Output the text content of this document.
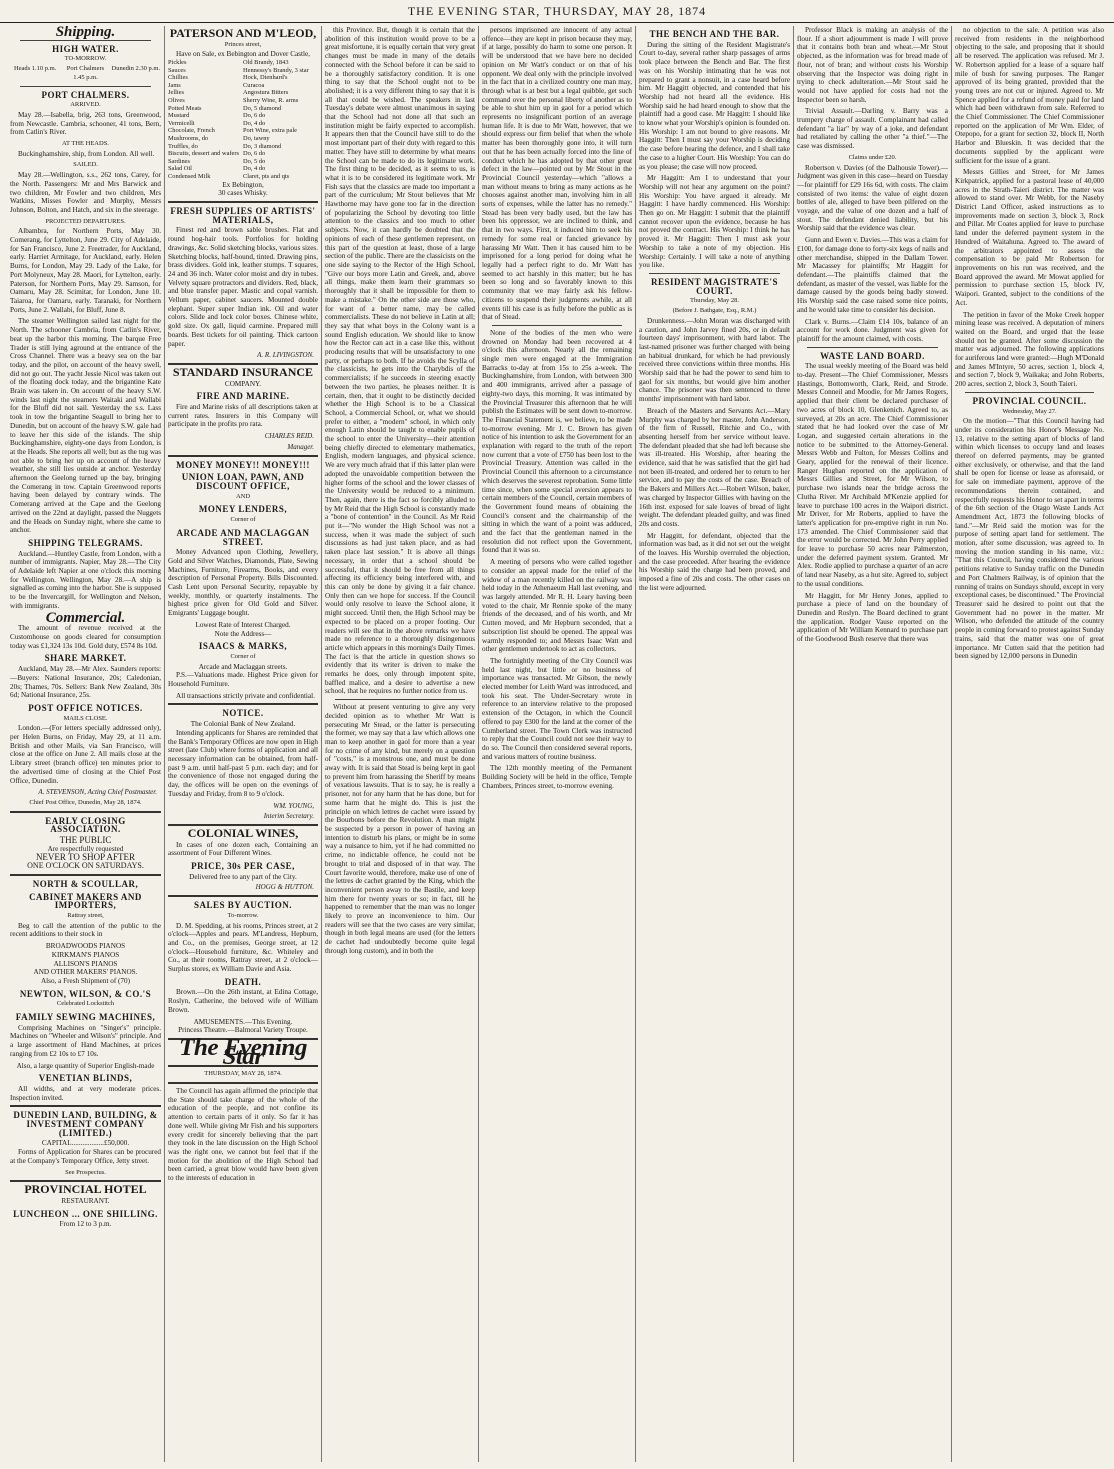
THE EVENING STAR, THURSDAY, MAY 28, 1874
Shipping.
HIGH WATER.
TO-MORROW.
Heads 1.10 p.m.	Port Chalmers 1.45 p.m.
Dunedin 2.30 p.m.
PORT CHALMERS.
ARRIVED.

May 28.—Isabella, brig, 263 tons, Greenwood, from Newcastle. Cambria, schooner, 41 tons, Bern, from Catlin's River.

AT THE HEADS.

Buckinghamshire, ship, from London. All well.

SAILED.

May 28.—Wellington, s.s., 262 tons, Carey, for the North. Passengers: Mr and Mrs Barwick and two children, Mr Fowler and two children, Mrs Watkins, Misses Fowler and Murphy, Messrs Johnson, Bolton, and Hatch, and six in the steerage.

PROJECTED DEPARTURES.

Albambra, for Northern Ports, May 30. Comerang, for Lyttelton, June 29. City of Adelaide, for San Francisco, June 2. Freetrader, for Auckland, early. Harriet Armitage, for Auckland, early. Helen Burns, for London, May 29. Lady of the Lake, for Port Molyneux, May 28. Maori, for Lyttelton, early. Paterson, for Northern Ports, May 29. Samson, for Oamaru, May 28. Scimitar, for London, June 10. Taiaroa, for Oamaru, early. Taranaki, for Northern Ports, June 2. Wallabi, for Bluff, June 8.

The steamer Wellington sailed last night for the North. The schooner Cambria, from Catlin's River, beat up the harbor this morning. The barque Free Trader is still lying aground at the entrance of the Cross Channel. There was a heavy sea on the bar today, and the pilot, on account of the heavy swell, did not go out. The yacht Jessie Nicol was taken out of the floating dock today, and the brigantine Kate Brain was taken in. On account of the heavy S.W. winds last night the steamers Waitaki and Wallabi for the Bluff did not sail. Yesterday the s.s. Lass took in tow the brigantine Seagull to bring her to Dunedin, but on account of the heavy S.W. gale had to leave her this side of the islands. The ship Buckinghamshire, eighty-one days from London, is at the Heads. She reports all well; but as the tug was not able to bring her up on account of the heavy weather, she still lies outside at anchor. Yesterday afternoon the Geelong turned up the bay, bringing the Comerang in tow. Captain Greenwood reports having been delayed by contrary winds. The Comerang arrived at the Cape and the Geelong arrived on the 22nd at daylight, passed the Nuggets and the Heads on Sunday night, where she came to anchor.

SHIPPING TELEGRAMS.

Auckland.—Huntley Castle, from London, with a number of immigrants. Napier, May 28.—The City of Adelaide left Napier at one o'clock this morning for Wellington. Wellington, May 28.—A ship is signalled as coming into the harbor. She is supposed to be the Invercargill, for Wellington and Nelson, with immigrants.

Commercial.

The amount of revenue received at the Customhouse on goods cleared for consumption today was £1,324 13s 10d. Gold duty, £574 8s 10d.

SHARE MARKET.

Auckland, May 28.—Mr Alex. Saunders reports:—Buyers: National Insurance, 20s; Caledonian, 20s; Thames, 70s. Sellers: Bank New Zealand, 30s 6d; National Insurance, 25s.

POST OFFICE NOTICES.
MAILS CLOSE.

London.—(For letters specially addressed only), per Helen Burns, on Friday, May 29, at 11 a.m. British and other Mails, via San Francisco, will close at the office on June 2. All mails close at the Library street (branch office) ten minutes prior to the advertised time of closing at the Chief Post Office, Dunedin.

A. STEVENSON, Acting Chief Postmaster.
Chief Post Office, Dunedin, May 28, 1874.
EARLY CLOSING ASSOCIATION.
THE PUBLIC
Are respectfully requested
NEVER TO SHOP AFTER
ONE O'CLOCK ON SATURDAYS.
NORTH & SCOULLAR,
CABINET MAKERS AND IMPORTERS,
Rattray street,

Beg to call the attention of the public to the recent additions to their stock in

BROADWOODS PIANOS
KIRKMAN'S PIANOS
ALLISON'S PIANOS
AND OTHER MAKERS' PIANOS.
Also, a Fresh Shipment of (70)
NEWTON, WILSON, & CO.'S
Celebrated Lockstitch
FAMILY SEWING MACHINES,

Comprising Machines on "Singer's" principle. Machines on "Wheeler and Wilson's" principle. And a large assortment of Hand Machines, at prices ranging from £2 10s to £7 10s.

Also, a large quantity of Superior English-made
VENETIAN BLINDS,

All widths, and at very moderate prices. Inspection invited.

DUNEDIN LAND, BUILDING, & INVESTMENT COMPANY (LIMITED.)
CAPITAL..................£50,000.

Forms of Application for Shares can be procured at the Company's Temporary Office, Jetty street.

See Prospectus.
PROVINCIAL HOTEL
RESTAURANT.
LUNCHEON ... ONE SHILLING.
From 12 to 3 p.m.
PATERSON AND M'LEOD,
Princes street,
Have on Sale, ex Bebington and Dover Castle,
Pickles	Old Brandy, 1843
Sauces	Hennessy's Brandy, 3 star
Chillies	Hock, Dienhard's
Jams	Curacoa
Jellies	Angostura Bitters
Olives	Sherry Wine, R. arms
Potted Meats	Do, 5 diamond
Mustard	Do, 6 do
Vermicelli	Do, 4 do
Chocolate, French	Port Wine, extra pale
Mushrooms, do	Do, tawny
Truffles, do	Do, 3 diamond
Biscuits, dessert and wafers Do, 6 do
Sardines	Do, 5 do
Salad Oil	Do, 4 do
Condensed Milk	Claret, pts and qts
Ex Bebington,
30 cases Whisky.
FRESH SUPPLIES OF ARTISTS' MATERIALS,

Finest red and brown sable brushes. Flat and round hog-hair tools. Portfolios for holding drawings, &c. Solid sketching blocks, various sizes. Sketching blocks, half-bound, tinted. Drawing pins, brass dividers. Gold ink, leather stumps. T squares, 24 and 36 inch. Water color moist and dry in tubes. Velvety square protractors and dividers. Red, black, and blue transfer paper. Mastic and copal varnish. Vellum paper, cabinet saucers. Mounted double elephant. Super super Indian ink. Oil and water colors. Slide and lock color boxes. Chinese white, gold size. Ox gall, liquid carmine. Prepared mill boards. Best tickets for oil painting. Thick cartoon paper.

A. R. LIVINGSTON.
STANDARD INSURANCE
COMPANY.
FIRE AND MARINE.

Fire and Marine risks of all descriptions taken at current rates. Insurers in this Company will participate in the profits pro rata.

CHARLES REID.
Manager.
MONEY MONEY!! MONEY!!!
UNION LOAN, PAWN, AND DISCOUNT OFFICE,
AND
MONEY LENDERS,
Corner of
ARCADE AND MACLAGGAN STREET.

Money Advanced upon Clothing, Jewellery, Gold and Silver Watches, Diamonds, Plate, Sewing Machines, Furniture, Firearms, Books, and every description of Personal Property. Bills Discounted. Cash Lent upon Personal Security, repayable by weekly, monthly, or quarterly instalments. The highest price given for Old Gold and Silver. Emigrants' Luggage bought.

Lowest Rate of Interest Charged.
Note the Address—
ISAACS & MARKS,
Corner of
Arcade and Maclaggan streets.

P.S.—Valuations made. Highest Price given for Household Furniture.

All transactions strictly private and confidential.

NOTICE.
The Colonial Bank of New Zealand.

Intending applicants for Shares are reminded that the Bank's Temporary Offices are now open in High street (late Club) where forms of application and all necessary information can be obtained, from half-past 9 a.m. until half-past 5 p.m. each day; and for the convenience of those not engaged during the day, the offices will be open on the evenings of Tuesday and Friday, from 8 to 9 o'clock.

WM. YOUNG,
Interim Secretary.
COLONIAL WINES,

In cases of one dozen each, Containing an assortment of Four Different Wines.

PRICE, 30s PER CASE,
Delivered free to any part of the City.
HOGG & HUTTON.
SALES BY AUCTION.
To-morrow.

D. M. Spedding, at his rooms, Princes street, at 2 o'clock—Apples and pears. M'Landress, Hepburn, and Co., on the premises, George street, at 12 o'clock—Household furniture, &c. Whiteley and Co., at their rooms, Rattray street, at 2 o'clock—Surplus stores, ex William Davie and Asia.

DEATH.

Brown.—On the 26th instant, at Edina Cottage, Roslyn, Catherine, the beloved wife of William Brown.

AMUSEMENTS.—This Evening.
Princess Theatre.—Balmoral Variety Troupe.
The Evening Star
THURSDAY, MAY 28, 1874.

The Council has again affirmed the principle that the State should take charge of the whole of the education of the people, and not confine its attention to certain parts of it only. So far it has done well. While giving Mr Fish and his supporters every credit for sincerely believing that the part they took in the late discussion on the High School was the right one, we cannot but feel that if the motion for the abolition of the High School had been carried, a great blow would have been given to the interests of education in

this Province. But, though it is certain that the abolition of this institution would prove to be a great misfortune, it is equally certain that very great changes must be made in many of the details connected with the School before it can be said to be a thoroughly satisfactory condition. It is one thing to say that the School ought not to be abolished; it is a very different thing to say that it is all that could be wished. The speakers in last Tuesday's debate were almost unanimous in saying that the School had not done all that such an institution might be fairly expected to accomplish. It appears then that the Council have still to do the most important part of their duty with regard to this matter. They have still to determine by what means the School can be made to do its legitimate work. The first thing to be decided, as it seems to us, is what it is to be considered its legitimate work. Mr Fish says that the classics are made too important a part of the curriculum; Mr Stout believes that Mr Hawthorne may have gone too far in the direction of popularizing the School by devoting too little attention to the classics and too much to other subjects. Now, it can hardly be doubted that the opinions of each of these gentlemen represent, on this part of the question at least, those of a large section of the public. There are the classicists on the one side saying to the Rector of the High School, "Give our boys more Latin and Greek, and, above all things, make them learn their grammars so thoroughly that it shall be impossible for them to make a mistake." On the other side are those who, for want of a better name, may be called commercialists. These do not believe in Latin at all; they say that what boys in the Colony want is a sound English education. We should like to know how the Rector can act in a case like this, without producing results that will be unsatisfactory to one party, or perhaps to both. If he avoids the Scylla of the classicists, he gets into the Charybdis of the commercialists; if he succeeds in steering exactly between the two parties, he pleases neither. It is certain, then, that it ought to be distinctly decided whether the High School is to be a Classical School, a Commercial School, or, what we should prefer to either, a "modern" school, in which only enough Latin should be taught to enable pupils of the school to enter the University—their attention being chiefly directed to elementary mathematics, English, modern languages, and physical science. We are very much afraid that if this latter plan were adopted the unavoidable competition between the higher forms of the school and the lower classes of the University would be reduced to a minimum. Then, again, there is the fact so forcibly alluded to by Mr Reid that the High School is constantly made a "bone of contention" in the Council. As Mr Reid put it—"No wonder the High School was not a success, when it was made the subject of such discussions as had just taken place, and as had taken place last session." It is above all things necessary, in order that a school should be successful, that it should be free from all things affecting its efficiency being interfered with, and this can only be done by giving it a fair chance. Only then can we hope for success. If the Council would only resolve to leave the School alone, it might succeed. Until then, the High School may be expected to be placed on a proper footing. Our readers will see that in the above remarks we have made no reference to a thoroughly disingenuous article which appears in this morning's Daily Times. The fact is that the article in question shows so evidently that its writer is driven to make the remarks he does, only through impotent spite, baffled malice, and a desire to advertise a new school, that he requires no further notice from us.

Without at present venturing to give any very decided opinion as to whether Mr Watt is persecuting Mr Stead, or the latter is persecuting the former, we may say that a law which allows one man to keep another in gaol for more than a year for no crime of any kind, but merely on a question of "costs," is a monstrous one, and must be done away with. It is said that Stead is being kept in gaol to prevent him from harassing the Sheriff by means of vexatious lawsuits. That is to say, he is really a prisoner, not for any harm that he has done, but for some harm that he might do. This is just the principle on which lettres de cachet were issued by the Bourbons before the Revolution. A man might be suspected by a person in power of having an intention to disturb his plans, or might be in some way a nuisance to him, yet if he had committed no crime, no indictable offence, he could not be brought to trial and disposed of in that way. The Court favorite would, therefore, make use of one of the lettres de cachet granted by the King, which the inconvenient person away to the Bastile, and keep him there for twenty years or so; in fact, till he happened to remember that the man was no longer likely to prove an inconvenience to him. Our readers will see that the two cases are very similar, though in both legal means are used (for the letters de cachet had undoubtedly become quite legal through long custom), and in both the

persons imprisoned are innocent of any actual offence—they are kept in prison because they may, if at large, possibly do harm to some one person. It will be understood that we have here no decided opinion on Mr Watt's conduct or on that of his opponent. We deal only with the principle involved in the fact that in a civilized country one man may, through what is at best but a legal quibble, get such command over the personal liberty of another as to be able to shut him up in gaol for a period which represents no insignificant portion of an average human life. It is due to Mr Watt, however, that we should express our firm belief that when the whole matter has been thoroughly gone into, it will turn out that he has been actually forced into the line of conduct which he has adopted by that other great defect in the law—pointed out by Mr Stout in the Provincial Council yesterday—which "allows a man without means to bring as many actions as he chooses against another man, involving him in all sorts of expenses, while the latter has no remedy." Stead has been very badly used, but the law has been his oppressor, we are inclined to think, and that in two ways. First, it induced him to seek his remedy for some real or fancied grievance by harassing Mr Watt. Then it has caused him to be imprisoned for a long period for doing what he legally had a perfect right to do. Mr Watt has seemed to act harshly in this matter; but he has been so long and so favorably known to this community that we may fairly ask his fellow-citizens to suspend their judgments awhile, at all events till his case is as fully before the public as is that of Stead.

None of the bodies of the men who were drowned on Monday had been recovered at 4 o'clock this afternoon. Nearly all the remaining single men were engaged at the Immigration Barracks to-day at from 15s to 25s a-week. The Buckinghamshire, from London, with between 300 and 400 immigrants, arrived after a passage of eighty-two days, this morning. It was intimated by the Provincial Treasurer this afternoon that he will publish the Estimates will be sent down to-morrow. The Financial Statement is, we believe, to be made to-morrow evening. Mr J. C. Brown has given notice of his intention to ask the Government for an explanation with regard to the truth of the report now current that a vote of £750 has been lost to the Provincial Treasury. Attention was called in the Provincial Council this afternoon to a circumstance which deserves the severest reprobation. Some little time since, when some special aversion appears to certain members of the Council, certain members of the Government found means of obtaining the Council's consent and the chairmanship of the sitting in which the want of a point was adduced, and the fact that the gentleman named in the resolution did not reflect upon the Government, found that it was so.

A meeting of persons who were called together to consider an appeal made for the relief of the widow of a man recently killed on the railway was held today in the Athenaeum Hall last evening, and was largely attended. Mr R. H. Leary having been voted to the chair, Mr Rennie spoke of the many friends of the deceased, and of his worth, and Mr Cutten moved, and Mr Hepburn seconded, that a subscription list should be opened. The appeal was warmly responded to; and Messrs Isaac Watt and other gentlemen undertook to act as collectors.

The fortnightly meeting of the City Council was held last night, but little or no business of importance was transacted. Mr Gibson, the newly elected member for Leith Ward was introduced, and took his seat. The Under-Secretary wrote in reference to an interview relative to the proposed extension of the Octagon, in which the Council offered to pay £300 for the land at the corner of the Cumberland street. The Town Clerk was instructed to reply that the Council could not see their way to do so. The Council then considered several reports, and various matters of routine business.

The 12th monthly meeting of the Permanent Building Society will be held in the office, Temple Chambers, Princes street, to-morrow evening.

THE BENCH AND THE BAR.

During the sitting of the Resident Magistrate's Court to-day, several rather sharp passages of arms took place between the Bench and Bar. The first was on his Worship intimating that he was not prepared to grant a nonsuit, in a case heard before him. Mr Haggitt objected, and contended that his Worship had not heard all the evidence. His Worship said he had heard enough to show that the plaintiff had a good case. Mr Haggitt: I should like to know what your Worship's opinion is founded on. His Worship: I am not bound to give reasons. Mr Haggitt: Then I must say your Worship is deciding the case before hearing the defence, and I shall take the case to a higher Court. His Worship: You can do as you please; the case will now proceed.

Mr Haggitt: Am I to understand that your Worship will not hear any argument on the point? His Worship: You have argued it already. Mr Haggitt: I have hardly commenced. His Worship: Then go on. Mr Haggitt: I submit that the plaintiff cannot recover upon the evidence, because he has not proved the contract. His Worship: I think he has proved it. Mr Haggitt: Then I must ask your Worship to take a note of my objection. His Worship: Certainly. I will take a note of anything you like.

RESIDENT MAGISTRATE'S COURT.
Thursday, May 28.
(Before J. Bathgate, Esq., R.M.)

Drunkenness.—John Moran was discharged with a caution, and John Jarvey fined 20s, or in default fourteen days' imprisonment, with hard labor. The last-named prisoner was further charged with being an habitual drunkard, for which he had previously received three convictions within three months. His Worship said that he had the power to send him to gaol for six months, but would give him another chance. The prisoner was then sentenced to three months' imprisonment with hard labor.

Breach of the Masters and Servants Act.—Mary Murphy was charged by her master, John Anderson, of the firm of Russell, Ritchie and Co., with absenting herself from her service without leave. The defendant pleaded that she had left because she was ill-treated. His Worship, after hearing the evidence, said that he was satisfied that the girl had not been ill-treated, and ordered her to return to her service, and to pay the costs of the case. Breach of the Bakers and Millers Act.—Robert Wilson, baker, was charged by Inspector Gillies with having on the 16th inst. exposed for sale loaves of bread of light weight. The defendant pleaded guilty, and was fined 20s and costs.

Mr Haggitt, for defendant, objected that the information was bad, as it did not set out the weight of the loaves. His Worship overruled the objection, and the case proceeded. After hearing the evidence his Worship said the charge had been proved, and imposed a fine of 20s and costs. The other cases on the list were adjourned.

Professor Black is making an analysis of the flour. If a short adjournment is made I will prove that it contains both bran and wheat.—Mr Stout objected, as the information was for bread made of flour, not of bran; and without costs his Worship observing that the Inspector was doing right in trying to check adulteration.—Mr Stout said he would not have applied for costs had not the Inspector been so harsh.

Trivial Assault.—Darling v. Barry was a trumpery charge of assault. Complainant had called defendant "a liar" by way of a joke, and defendant had retaliated by calling the other "a thief."—The case was dismissed.

Claims under £20.

Robertson v. Davies (of the Dalhousie Tower).—Judgment was given in this case—heard on Tuesday—for plaintiff for £29 16s 6d, with costs. The claim consisted of two items: the value of eight dozen bottles of ale, alleged to have been pilfered on the voyage, and the value of one dozen and a half of stout. The defendant denied liability, but his Worship said that the evidence was clear.

Gunn and Ewen v. Davies.—This was a claim for £100, for damage done to forty-six kegs of nails and other merchandise, shipped in the Dallam Tower. Mr Macassey for plaintiffs; Mr Haggitt for defendant.—The plaintiffs claimed that the defendant, as master of the vessel, was liable for the damage caused by the goods being badly stowed. His Worship said the case raised some nice points, and he would take time to consider his decision.

Clark v. Burns.—Claim £14 10s, balance of an account for work done. Judgment was given for plaintiff for the amount claimed, with costs.

WASTE LAND BOARD.

The usual weekly meeting of the Board was held to-day. Present—The Chief Commissioner, Messrs Hastings, Bottomworth, Clark, Reid, and Strode. Messrs Conneil and Moodie, for Mr James Rogers, applied that their client be declared purchaser of two acres of block 10, Glenkenich. Agreed to, as surveyed, at 20s an acre. The Chief Commissioner stated that he had looked over the case of Mr Logan, and suggested certain alterations in the notice to be submitted to the Attorney-General. Messrs Webb and Fulton, for Messrs Collins and Geary, applied for the renewal of their licence. Ranger Hughan reported on the application of Messrs Gillies and Street, for Mr Wilson, to purchase two islands near the bridge across the Clutha River. Mr Archibald M'Kenzie applied for leave to purchase 100 acres in the Waipori district. Mr Driver, for Mr Roberts, applied to have the latter's application for pre-emptive right in run No. 173 amended. The Chief Commissioner said that the error would be corrected. Mr John Perry applied for leave to purchase 50 acres near Palmerston, under the deferred payment system. Granted. Mr Alex. Rodie applied to purchase a quarter of an acre of land near Naseby, as a hut site. Agreed to, subject to the usual conditions.

Mr Haggitt, for Mr Henry Jones, applied to purchase a piece of land on the boundary of Dunedin and Roslyn. The Board declined to grant the application. Rodger Vause reported on the application of Mr William Kennard to purchase part of the Goodwood Bush reserve that there was

no objection to the sale. A petition was also received from residents in the neighborhood objecting to the sale, and proposing that it should all be reserved. The application was refused. Mr J. W. Robertson applied for a lease of a square half mile of bush for sawing purposes. The Ranger approved of its being granted, provided that the young trees are not cut or injured. Agreed to. Mr Spence applied for a refund of money paid for land which had been withdrawn from sale. Referred to the Chief Commissioner. The Chief Commissioner reported on the application of Mr Wm. Elder, of Otepopo, for a grant for section 32, block II, North Harbor and Blueskin. It was decided that the documents supplied by the applicant were sufficient for the issue of a grant.

Messrs Gillies and Street, for Mr James Kirkpatrick, applied for a pastoral lease of 40,000 acres in the Strath-Taieri district. The matter was allowed to stand over. Mr Webb, for the Naseby District Land Officer, asked instructions as to improvements made on section 3, block 3, Rock and Pillar. Mr Coates applied for leave to purchase land under the deferred payment system in the Hundred of Waitahuna. Agreed to. The award of the arbitrators appointed to assess the compensation to be paid Mr Robertson for improvements on his run was received, and the Board approved the award. Mr Mowat applied for permission to purchase section 15, block IV, Waipori. Granted, subject to the conditions of the Act.

The petition in favor of the Moke Creek hopper mining lease was received. A deputation of miners waited on the Board, and urged that the lease should not be granted. After some discussion the matter was adjourned. The following applications for auriferous land were granted:—Hugh M'Donald and James M'Intyre, 50 acres, section 1, block 4, and section 7, block 9, Waikaka; and John Roberts, 200 acres, section 2, block 3, South Taieri.

PROVINCIAL COUNCIL.
Wednesday, May 27.

On the motion—"That this Council having had under its consideration his Honor's Message No. 13, relative to the setting apart of blocks of land within which licenses to occupy land and leases thereof on deferred payments, may be granted either exclusively, or otherwise, and that the land shall be open for license or lease as aforesaid, or for sale on immediate payment, approve of the recommendations therein contained, and respectfully requests his Honor to set apart in terms of the 6th section of the Otago Waste Lands Act Amendment Act, 1873 the following blocks of land."—Mr Reid said the motion was for the purpose of setting apart land for settlement. The motion, after some discussion, was agreed to. In moving the motion standing in his name, viz.: "That this Council, having considered the various petitions relative to Sunday traffic on the Dunedin and Port Chalmers Railway, is of opinion that the running of trains on Sundays should, except in very exceptional cases, be discontinued." The Provincial Treasurer said he desired to point out that the Government had no power in the matter. Mr Wilson, who defended the attitude of the country people in coming forward to protest against Sunday trains, said that the matter was one of great importance. Mr Cutten said that the petition had been signed by 12,000 persons in Dunedin
